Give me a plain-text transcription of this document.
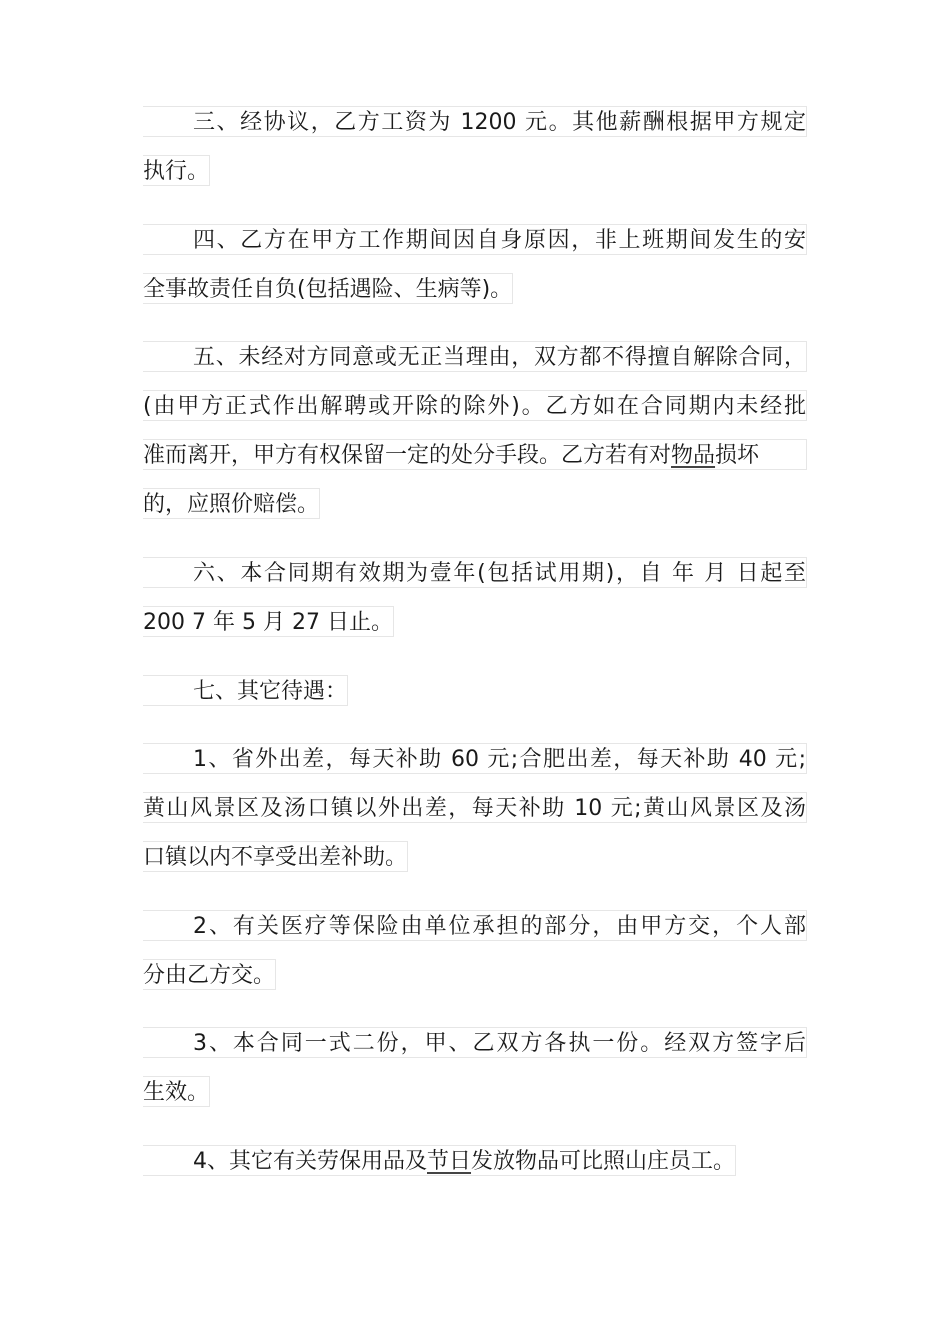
三、经协议，乙方工资为 1200 元。其他薪酬根据甲方规定
执行。
四、乙方在甲方工作期间因自身原因，非上班期间发生的安
全事故责任自负(包括遇险、生病等)。
五、未经对方同意或无正当理由，双方都不得擅自解除合同，
(由甲方正式作出解聘或开除的除外)。乙方如在合同期内未经批
准而离开，甲方有权保留一定的处分手段。乙方若有对物品损坏
的，应照价赔偿。
六、本合同期有效期为壹年(包括试用期)，自 年 月 日起至
200 7 年 5 月 27 日止。
七、其它待遇：
1、省外出差，每天补助 60 元;合肥出差，每天补助 40 元;
黄山风景区及汤口镇以外出差，每天补助 10 元;黄山风景区及汤
口镇以内不享受出差补助。
2、有关医疗等保险由单位承担的部分，由甲方交，个人部
分由乙方交。
3、本合同一式二份，甲、乙双方各执一份。经双方签字后
生效。
4、其它有关劳保用品及节日发放物品可比照山庄员工。
